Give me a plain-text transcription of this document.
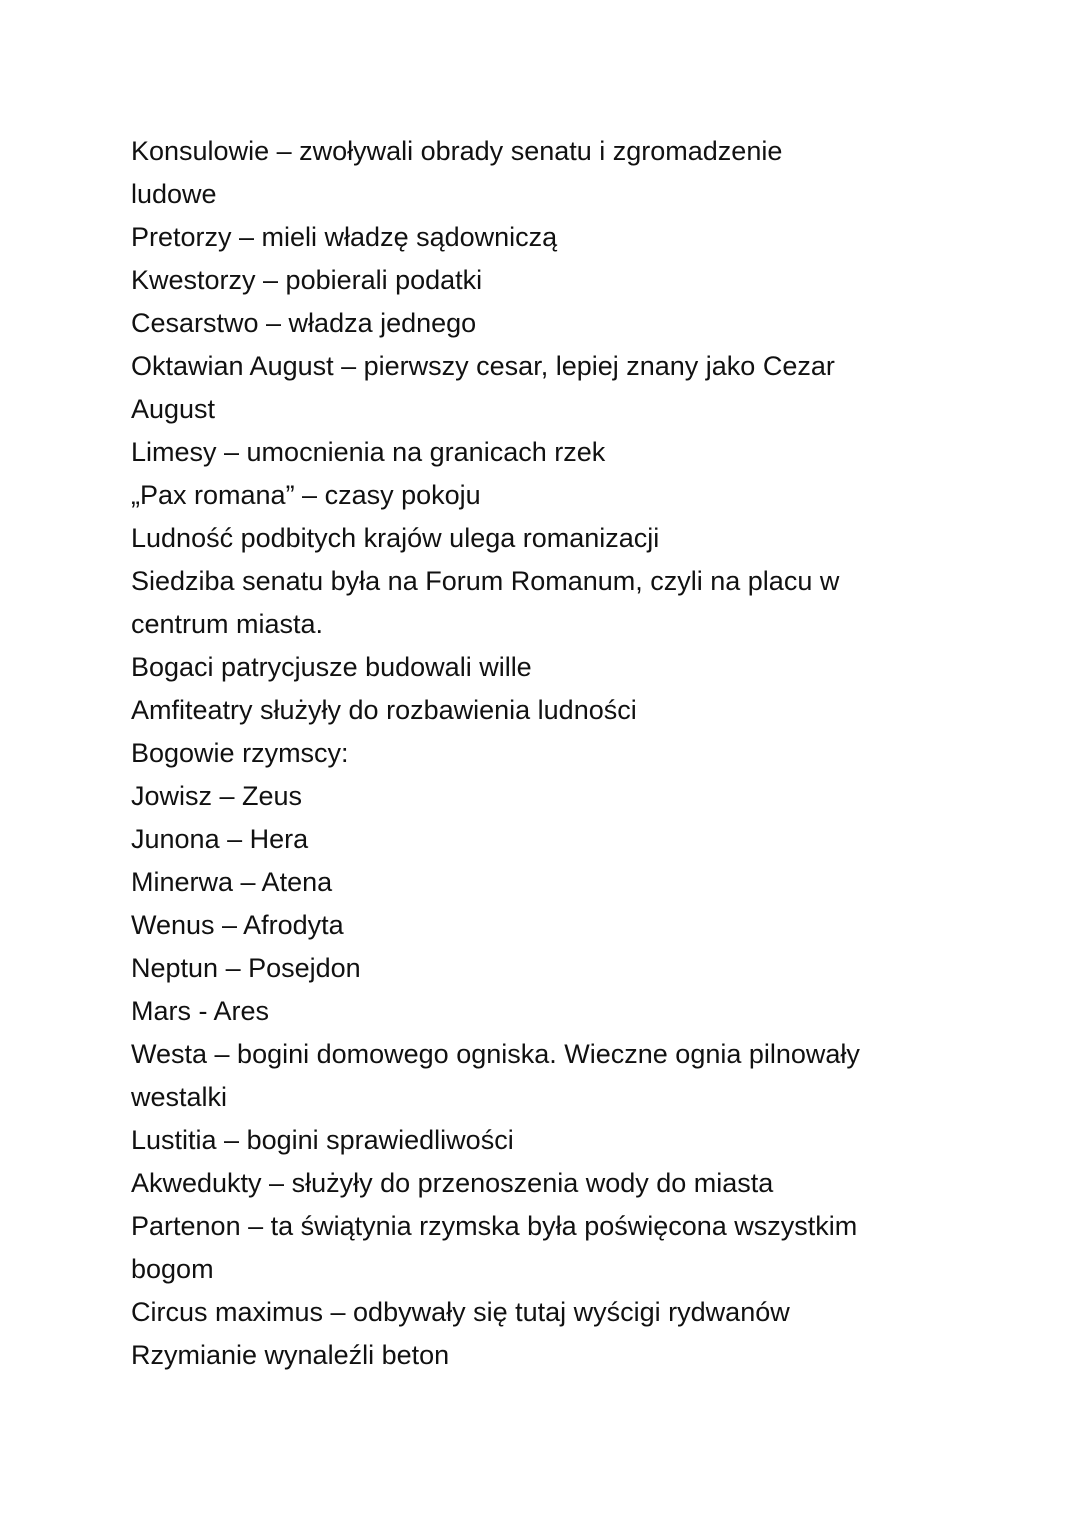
Konsulowie – zwoływali obrady senatu i zgromadzenie
ludowe
Pretorzy – mieli władzę sądowniczą
Kwestorzy – pobierali podatki
Cesarstwo – władza jednego
Oktawian August – pierwszy cesar, lepiej znany jako Cezar
August
Limesy – umocnienia na granicach rzek
„Pax romana” – czasy pokoju
Ludność podbitych krajów ulega romanizacji
Siedziba senatu była na Forum Romanum, czyli na placu w
centrum miasta.
Bogaci patrycjusze budowali wille
Amfiteatry służyły do rozbawienia ludności
Bogowie rzymscy:
Jowisz – Zeus
Junona – Hera
Minerwa – Atena
Wenus – Afrodyta
Neptun – Posejdon
Mars - Ares
Westa – bogini domowego ogniska. Wieczne ognia pilnowały
westalki
Lustitia – bogini sprawiedliwości
Akwedukty – służyły do przenoszenia wody do miasta
Partenon – ta świątynia rzymska była poświęcona wszystkim
bogom
Circus maximus – odbywały się tutaj wyścigi rydwanów
Rzymianie wynaleźli beton
